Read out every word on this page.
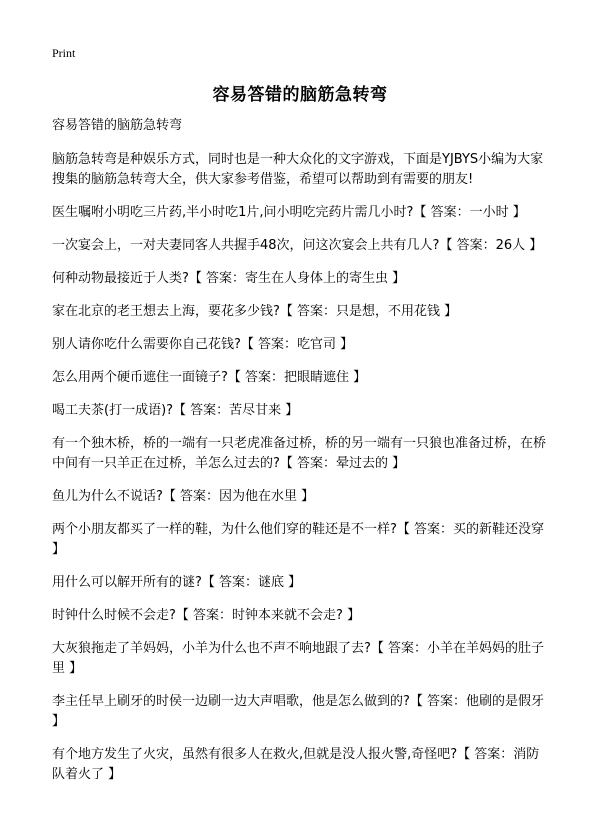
Print
容易答错的脑筋急转弯

容易答错的脑筋急转弯

脑筋急转弯是种娱乐方式，同时也是一种大众化的文字游戏，下面是YJBYS小编为大家搜集的脑筋急转弯大全，供大家参考借鉴，希望可以帮助到有需要的朋友!

医生嘱咐小明吃三片药,半小时吃1片,问小明吃完药片需几小时?【 答案：一小时 】

一次宴会上，一对夫妻同客人共握手48次，问这次宴会上共有几人?【 答案：26人 】

何种动物最接近于人类?【 答案：寄生在人身体上的寄生虫 】

家在北京的老王想去上海，要花多少钱?【 答案：只是想，不用花钱 】

别人请你吃什么需要你自己花钱?【 答案：吃官司 】

怎么用两个硬币遮住一面镜子?【 答案：把眼睛遮住 】

喝工夫茶(打一成语)?【 答案：苦尽甘来 】

有一个独木桥，桥的一端有一只老虎准备过桥，桥的另一端有一只狼也准备过桥，在桥中间有一只羊正在过桥，羊怎么过去的?【 答案：晕过去的 】

鱼儿为什么不说话?【 答案：因为他在水里 】

两个小朋友都买了一样的鞋，为什么他们穿的鞋还是不一样?【 答案：买的新鞋还没穿 】

用什么可以解开所有的谜?【 答案：谜底 】

时钟什么时候不会走?【 答案：时钟本来就不会走? 】

大灰狼拖走了羊妈妈，小羊为什么也不声不响地跟了去?【 答案：小羊在羊妈妈的肚子里 】

李主任早上刷牙的时侯一边刷一边大声唱歌，他是怎么做到的?【 答案：他刷的是假牙 】

有个地方发生了火灾，虽然有很多人在救火,但就是没人报火警,奇怪吧?【 答案：消防队着火了 】
